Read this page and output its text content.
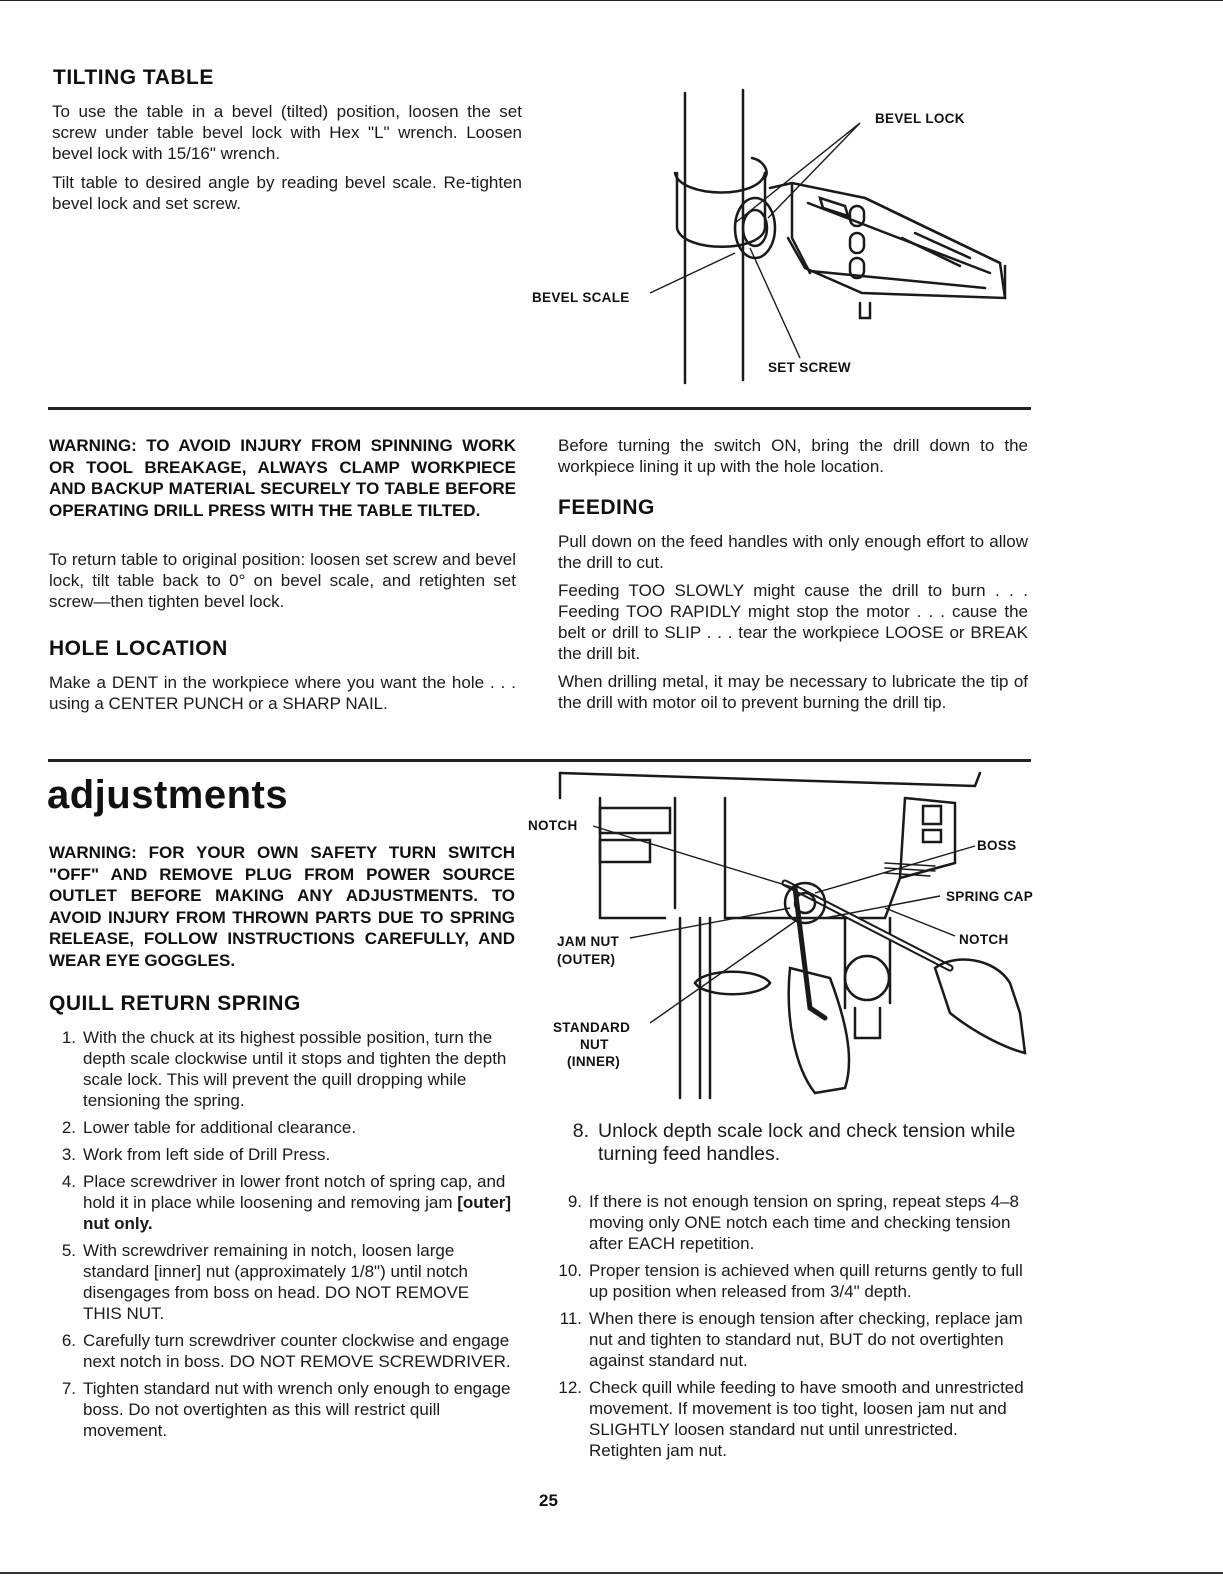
TILTING TABLE

To use the table in a bevel (tilted) position, loosen the set screw under table bevel lock with Hex "L" wrench. Loosen bevel lock with 15/16" wrench.

Tilt table to desired angle by reading bevel scale. Re-tighten bevel lock and set screw.

BEVEL LOCK
BEVEL SCALE
SET SCREW

WARNING: TO AVOID INJURY FROM SPINNING WORK OR TOOL BREAKAGE, ALWAYS CLAMP WORKPIECE AND BACKUP MATERIAL SECURELY TO TABLE BEFORE OPERATING DRILL PRESS WITH THE TABLE TILTED.

To return table to original position: loosen set screw and bevel lock, tilt table back to 0° on bevel scale, and retighten set screw—then tighten bevel lock.

HOLE LOCATION

Make a DENT in the workpiece where you want the hole . . . using a CENTER PUNCH or a SHARP NAIL.

Before turning the switch ON, bring the drill down to the workpiece lining it up with the hole location.

FEEDING

Pull down on the feed handles with only enough effort to allow the drill to cut.

Feeding TOO SLOWLY might cause the drill to burn . . . Feeding TOO RAPIDLY might stop the motor . . . cause the belt or drill to SLIP . . . tear the workpiece LOOSE or BREAK the drill bit.

When drilling metal, it may be necessary to lubricate the tip of the drill with motor oil to prevent burning the drill tip.

adjustments

WARNING: FOR YOUR OWN SAFETY TURN SWITCH "OFF" AND REMOVE PLUG FROM POWER SOURCE OUTLET BEFORE MAKING ANY ADJUSTMENTS. TO AVOID INJURY FROM THROWN PARTS DUE TO SPRING RELEASE, FOLLOW INSTRUCTIONS CAREFULLY, AND WEAR EYE GOGGLES.

QUILL RETURN SPRING
1. With the chuck at its highest possible position, turn the depth scale clockwise until it stops and tighten the depth scale lock. This will prevent the quill dropping while tensioning the spring.
2. Lower table for additional clearance.
3. Work from left side of Drill Press.
4. Place screwdriver in lower front notch of spring cap, and hold it in place while loosening and removing jam [outer] nut only.
5. With screwdriver remaining in notch, loosen large standard [inner] nut (approximately 1/8") until notch disengages from boss on head. DO NOT REMOVE THIS NUT.
6. Carefully turn screwdriver counter clockwise and engage next notch in boss. DO NOT REMOVE SCREWDRIVER.
7. Tighten standard nut with wrench only enough to engage boss. Do not overtighten as this will restrict quill movement.
NOTCH
BOSS
SPRING CAP
NOTCH
JAM NUT
(OUTER)
STANDARD
NUT
(INNER)
8. Unlock depth scale lock and check tension while turning feed handles.
9. If there is not enough tension on spring, repeat steps 4–8 moving only ONE notch each time and checking tension after EACH repetition.
10. Proper tension is achieved when quill returns gently to full up position when released from 3/4" depth.
11. When there is enough tension after checking, replace jam nut and tighten to standard nut, BUT do not overtighten against standard nut.
12. Check quill while feeding to have smooth and unrestricted movement. If movement is too tight, loosen jam nut and SLIGHTLY loosen standard nut until unrestricted. Retighten jam nut.
25
